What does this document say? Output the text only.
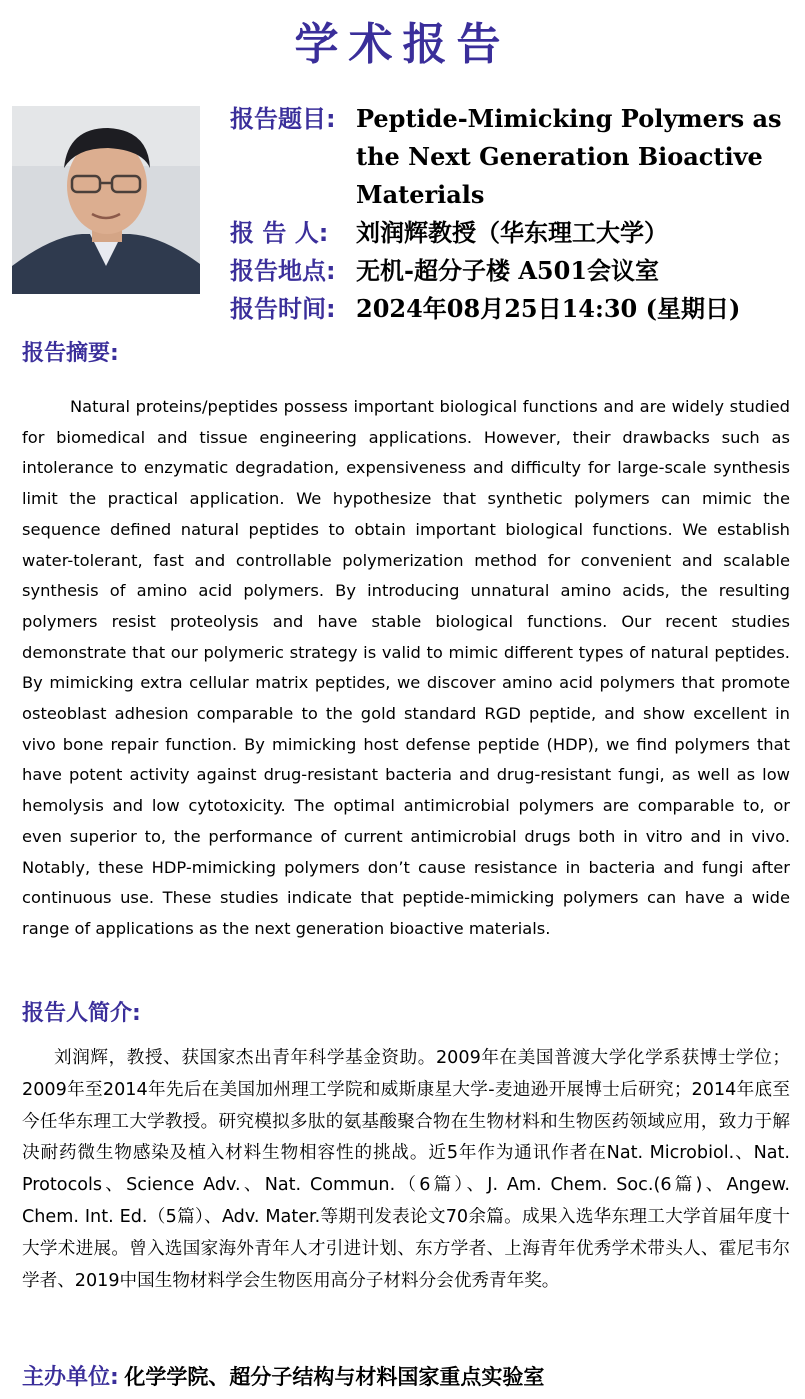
学术报告
报告题目: Peptide-Mimicking Polymers as the Next Generation Bioactive Materials
报 告 人: 刘润辉教授（华东理工大学）
报告地点: 无机-超分子楼 A501会议室
报告时间: 2024年08月25日14:30 (星期日)
报告摘要:
Natural proteins/peptides possess important biological functions and are widely studied for biomedical and tissue engineering applications. However, their drawbacks such as intolerance to enzymatic degradation, expensiveness and difficulty for large-scale synthesis limit the practical application. We hypothesize that synthetic polymers can mimic the sequence defined natural peptides to obtain important biological functions. We establish water-tolerant, fast and controllable polymerization method for convenient and scalable synthesis of amino acid polymers. By introducing unnatural amino acids, the resulting polymers resist proteolysis and have stable biological functions. Our recent studies demonstrate that our polymeric strategy is valid to mimic different types of natural peptides. By mimicking extra cellular matrix peptides, we discover amino acid polymers that promote osteoblast adhesion comparable to the gold standard RGD peptide, and show excellent in vivo bone repair function. By mimicking host defense peptide (HDP), we find polymers that have potent activity against drug-resistant bacteria and drug-resistant fungi, as well as low hemolysis and low cytotoxicity. The optimal antimicrobial polymers are comparable to, or even superior to, the performance of current antimicrobial drugs both in vitro and in vivo. Notably, these HDP-mimicking polymers don’t cause resistance in bacteria and fungi after continuous use. These studies indicate that peptide-mimicking polymers can have a wide range of applications as the next generation bioactive materials.
报告人简介:
刘润辉，教授、获国家杰出青年科学基金资助。2009年在美国普渡大学化学系获博士学位；2009年至2014年先后在美国加州理工学院和威斯康星大学-麦迪逊开展博士后研究；2014年底至今任华东理工大学教授。研究模拟多肽的氨基酸聚合物在生物材料和生物医药领域应用，致力于解决耐药微生物感染及植入材料生物相容性的挑战。近5年作为通讯作者在Nat. Microbiol.、Nat. Protocols、Science Adv.、Nat. Commun.（6篇）、J. Am. Chem. Soc.(6篇)、Angew. Chem. Int. Ed.（5篇）、Adv. Mater.等期刊发表论文70余篇。成果入选华东理工大学首届年度十大学术进展。曾入选国家海外青年人才引进计划、东方学者、上海青年优秀学术带头人、霍尼韦尔学者、2019中国生物材料学会生物医用高分子材料分会优秀青年奖。
主办单位: 化学学院、超分子结构与材料国家重点实验室
